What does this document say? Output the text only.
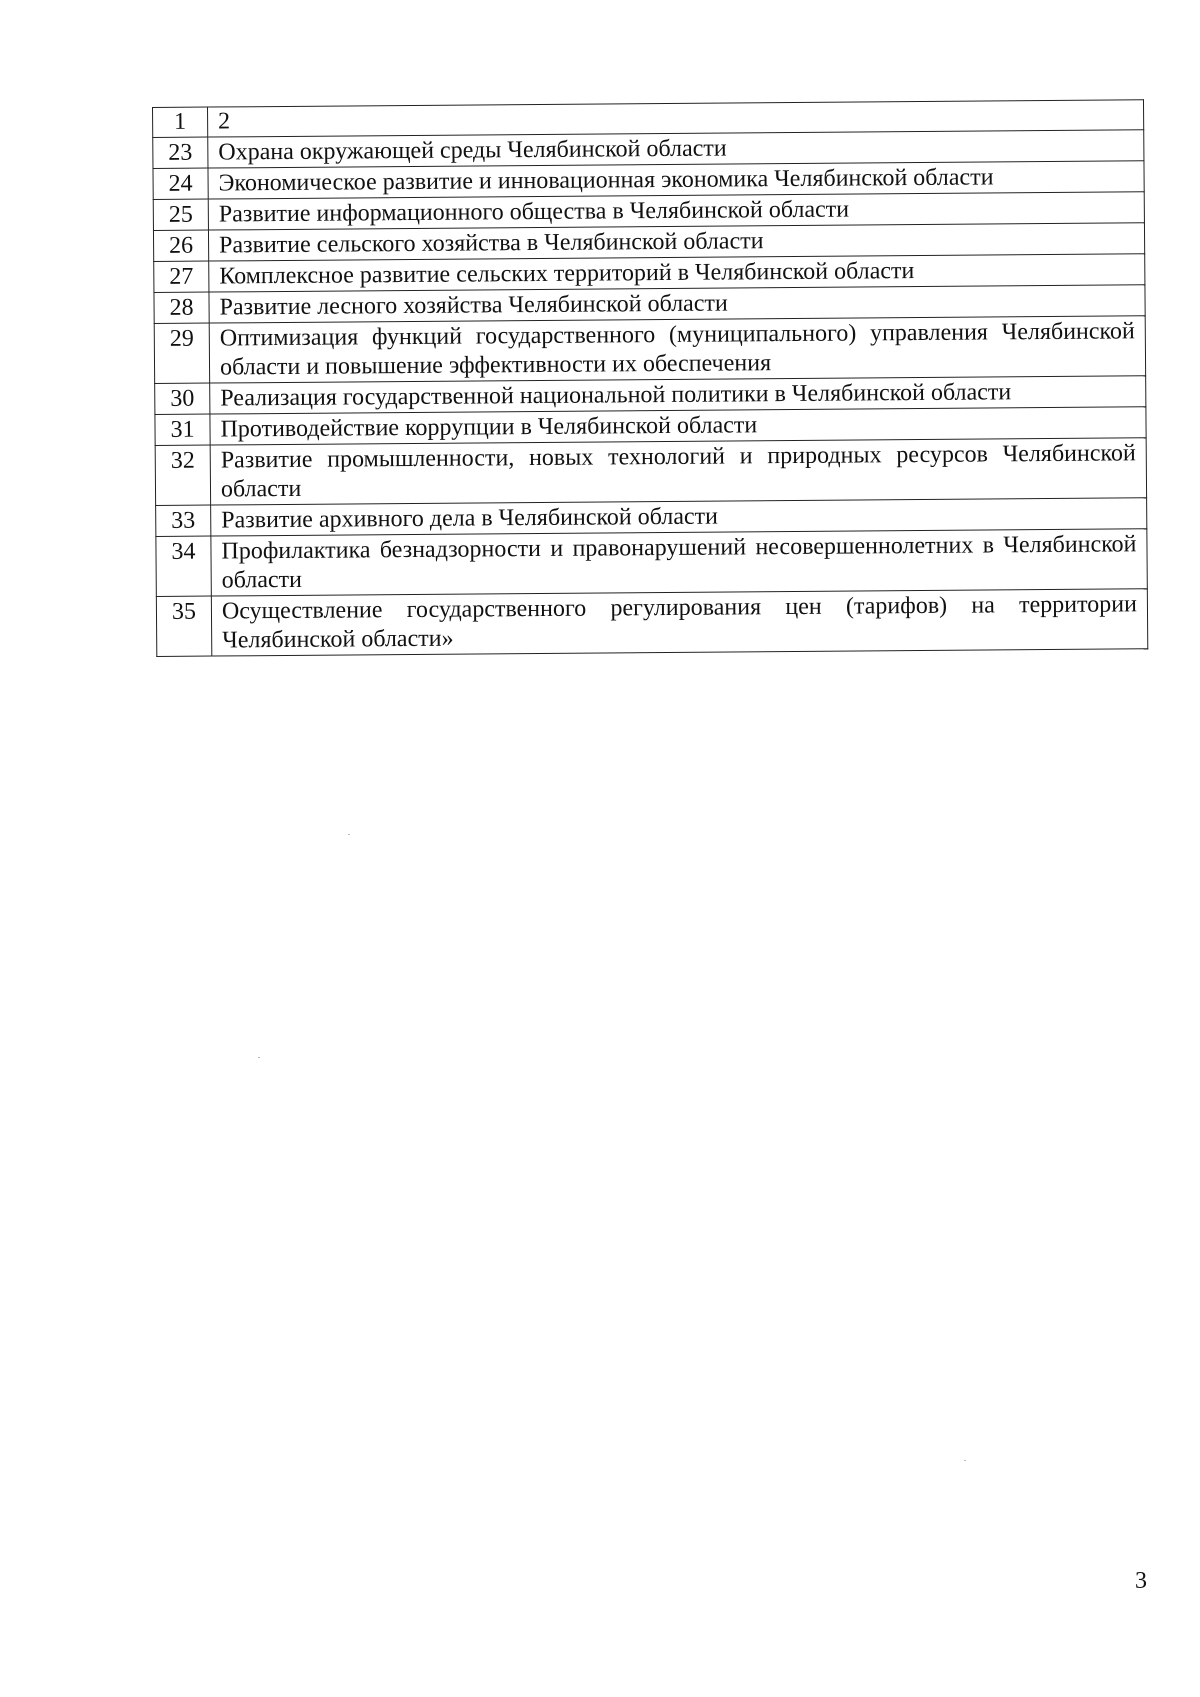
1	2
23	Охрана окружающей среды Челябинской области
24	Экономическое развитие и инновационная экономика Челябинской области
25	Развитие информационного общества в Челябинской области
26	Развитие сельского хозяйства в Челябинской области
27	Комплексное развитие сельских территорий в Челябинской области
28	Развитие лесного хозяйства Челябинской области
29	Оптимизация функций государственного (муниципального) управления Челябинской области и повышение эффективности их обеспечения
30	Реализация государственной национальной политики в Челябинской области
31	Противодействие коррупции в Челябинской области
32	Развитие промышленности, новых технологий и природных ресурсов Челябинской области
33	Развитие архивного дела в Челябинской области
34	Профилактика безнадзорности и правонарушений несовершеннолетних в Челябинской области
35	Осуществление государственного регулирования цен (тарифов) на территории Челябинской области»
3
